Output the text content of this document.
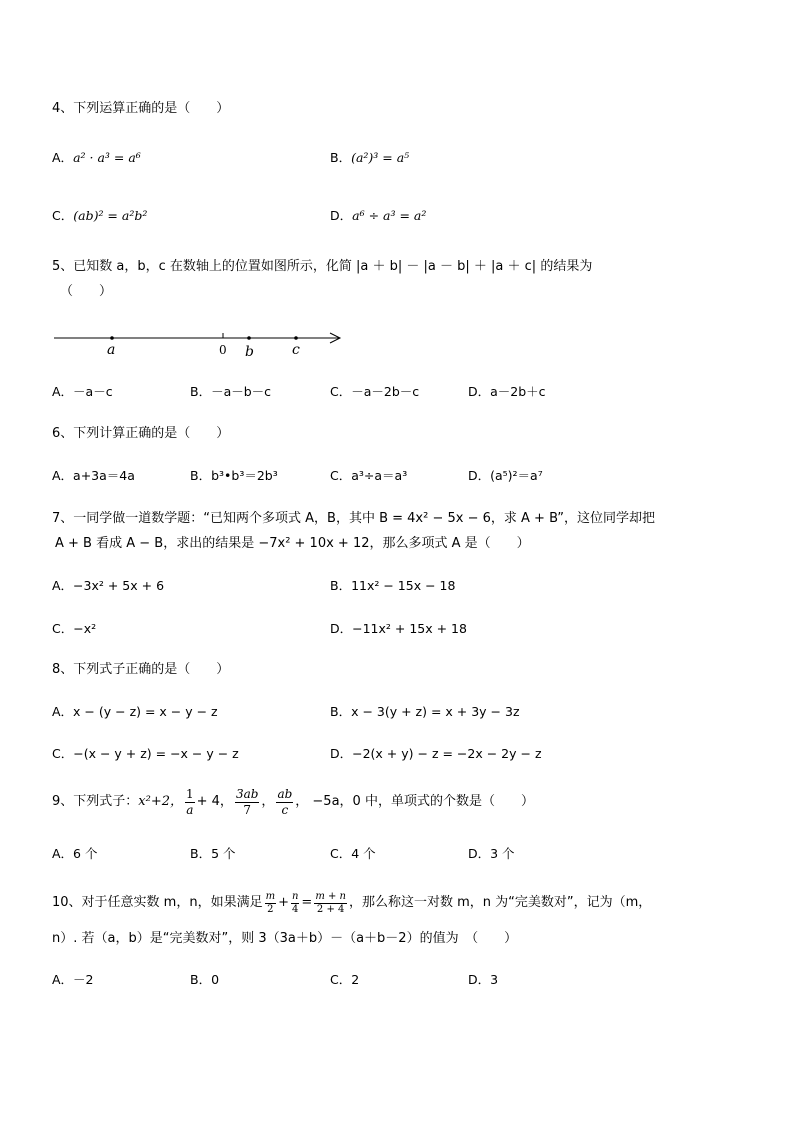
4、下列运算正确的是（　　）
A．a² · a³ = a⁶	B．(a²)³ = a⁵
C．(ab)² = a²b²	D．a⁶ ÷ a³ = a²
5、已知数 a，b，c 在数轴上的位置如图所示，化简 |a ＋ b| － |a － b| ＋ |a ＋ c| 的结果为
（　　）
a	0 b	c
A．－a－c	B．－a－b－c	C．－a－2b－c	D．a－2b＋c
6、下列计算正确的是（　　）
A．a+3a＝4a	B．b³•b³＝2b³	C．a³÷a＝a³	D．(a⁵)²＝a⁷
7、一同学做一道数学题：“已知两个多项式 A，B，其中 B = 4x² − 5x − 6，求 A + B”，这位同学却把
A + B 看成 A − B，求出的结果是 −7x² + 10x + 12，那么多项式 A 是（　　）
A．−3x² + 5x + 6	B．11x² − 15x − 18
C．−x²	D．−11x² + 15x + 18
8、下列式子正确的是（　　）
A．x − (y − z) = x − y − z	B．x − 3(y + z) = x + 3y − 3z
C．−(x − y + z) = −x − y − z	D．−2(x + y) − z = −2x − 2y − z
9、下列式子： x²+2， $\frac{1}{a} + 4$， $\frac{3ab}{7}$ ， $\frac{ab}{c}$ ， −5a，0 中，单项式的个数是（　　）
A．6 个	B．5 个	C．4 个	D．3 个
10、对于任意实数 m，n，如果满足 $\frac{m}{2} + \frac{n}{4} = \frac{m + n}{2 + 4}$ ，那么称这一对数 m，n 为“完美数对”，记为（m，
n）. 若（a，b）是“完美数对”，则 3（3a＋b）－（a＋b－2）的值为　（　　）
A．－2	B．0	C．2	D．3
